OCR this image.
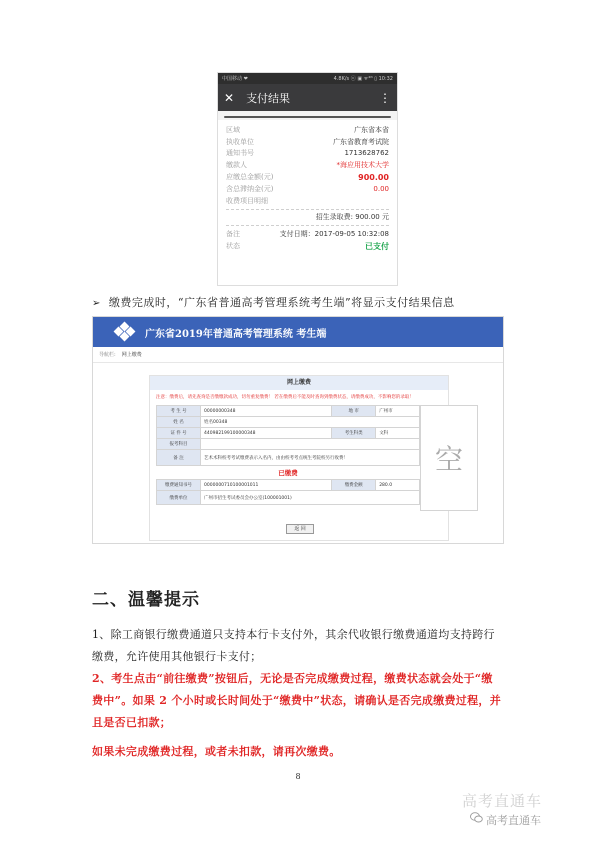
中国移动 ❤	4.8K/s ⓞ ▣ ᯤ⁴ᴳ ▯ 10:32
✕ 支付结果	⋮
区域	广东省本省
执收单位	广东省教育考试院
通知书号	1713628762
缴款人	*海应用技术大学
应缴总金额(元)	900.00
含总滞纳金(元)	0.00
收费项目明细
招生录取费: 900.00 元
备注	支付日期：2017-09-05 10:32:08
状态	已支付
➢ 缴费完成时，“广东省普通高考管理系统考生端”将显示支付结果信息
广东省2019年普通高考管理系统 考生端
导航栏: 网上缴费
网上缴费
注意：缴费后，请先查询是否缴缴款成功，切勿重复缴费！ 若在缴费后不能及时查询到缴费状态，请缴费成功，不影响您的录取！
考 生 号	00000000348	地 市	广州市
姓 名	姓名00348		
证 件 号	440982199100000348	考生科类	文科
报考科目			
备 注	艺术术科校考考试缴费表示入名内，由由校考考点统生考院校另行收费！		
已缴费			
缴费通知书号	0000000710100001011	缴费金额	280.0
缴费单位	广州市招生考试委员会办公室(100001001)		
空
返 回
二、温馨提示
1、除工商银行缴费通道只支持本行卡支付外，其余代收银行缴费通道均支持跨行缴费，允许使用其他银行卡支付；
2、考生点击“前往缴费”按钮后，无论是否完成缴费过程，缴费状态就会处于“缴费中”。如果 2 个小时或长时间处于“缴费中”状态，请确认是否完成缴费过程，并且是否已扣款；
如果未完成缴费过程，或者未扣款，请再次缴费。
8
高考直通车
高考直通车
